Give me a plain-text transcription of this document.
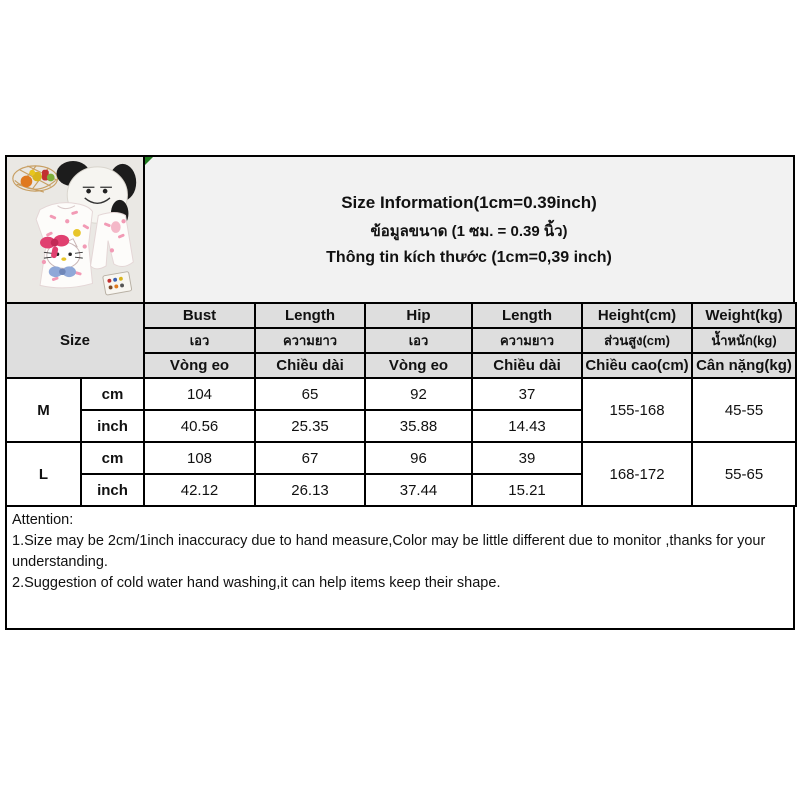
Size Information(1cm=0.39inch)
ข้อมูลขนาด (1 ซม. = 0.39 นิ้ว)
Thông tin kích thước (1cm=0,39 inch)
Size		Bust	Length	Hip	Length	Height(cm)	Weight(kg)
		เอว	ความยาว	เอว	ความยาว	ส่วนสูง(cm)	น้ำหนัก(kg)
		Vòng eo	Chiều dài	Vòng eo	Chiều dài	Chiều cao(cm)	Cân nặng(kg)
M	cm	104	65	92	37	155-168	45-55
	inch	40.56	25.35	35.88	14.43		
L	cm	108	67	96	39	168-172	55-65
	inch	42.12	26.13	37.44	15.21		
Attention:
1.Size may be 2cm/1inch inaccuracy due to hand measure,Color may be little different due to monitor ,thanks for your understanding.
2.Suggestion of cold water hand washing,it can help items keep their shape.
